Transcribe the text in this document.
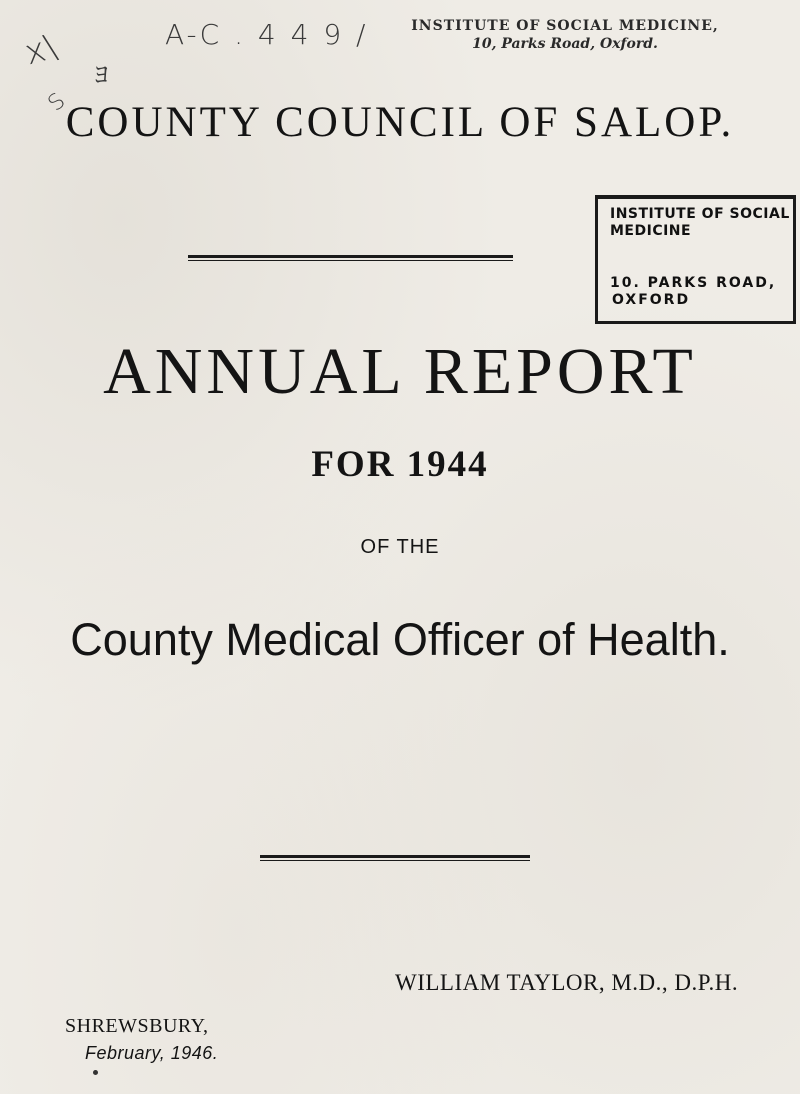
A-C . 4 4 9 /
x\
ﾖ
S
INSTITUTE OF SOCIAL MEDICINE,
10, Parks Road, Oxford.
COUNTY COUNCIL OF SALOP.
INSTITUTE OF SOCIAL
MEDICINE
10. PARKS ROAD,
OXFORD
ANNUAL REPORT
FOR 1944
OF THE
County Medical Officer of Health.
WILLIAM TAYLOR, M.D., D.P.H.
SHREWSBURY,
February, 1946.
